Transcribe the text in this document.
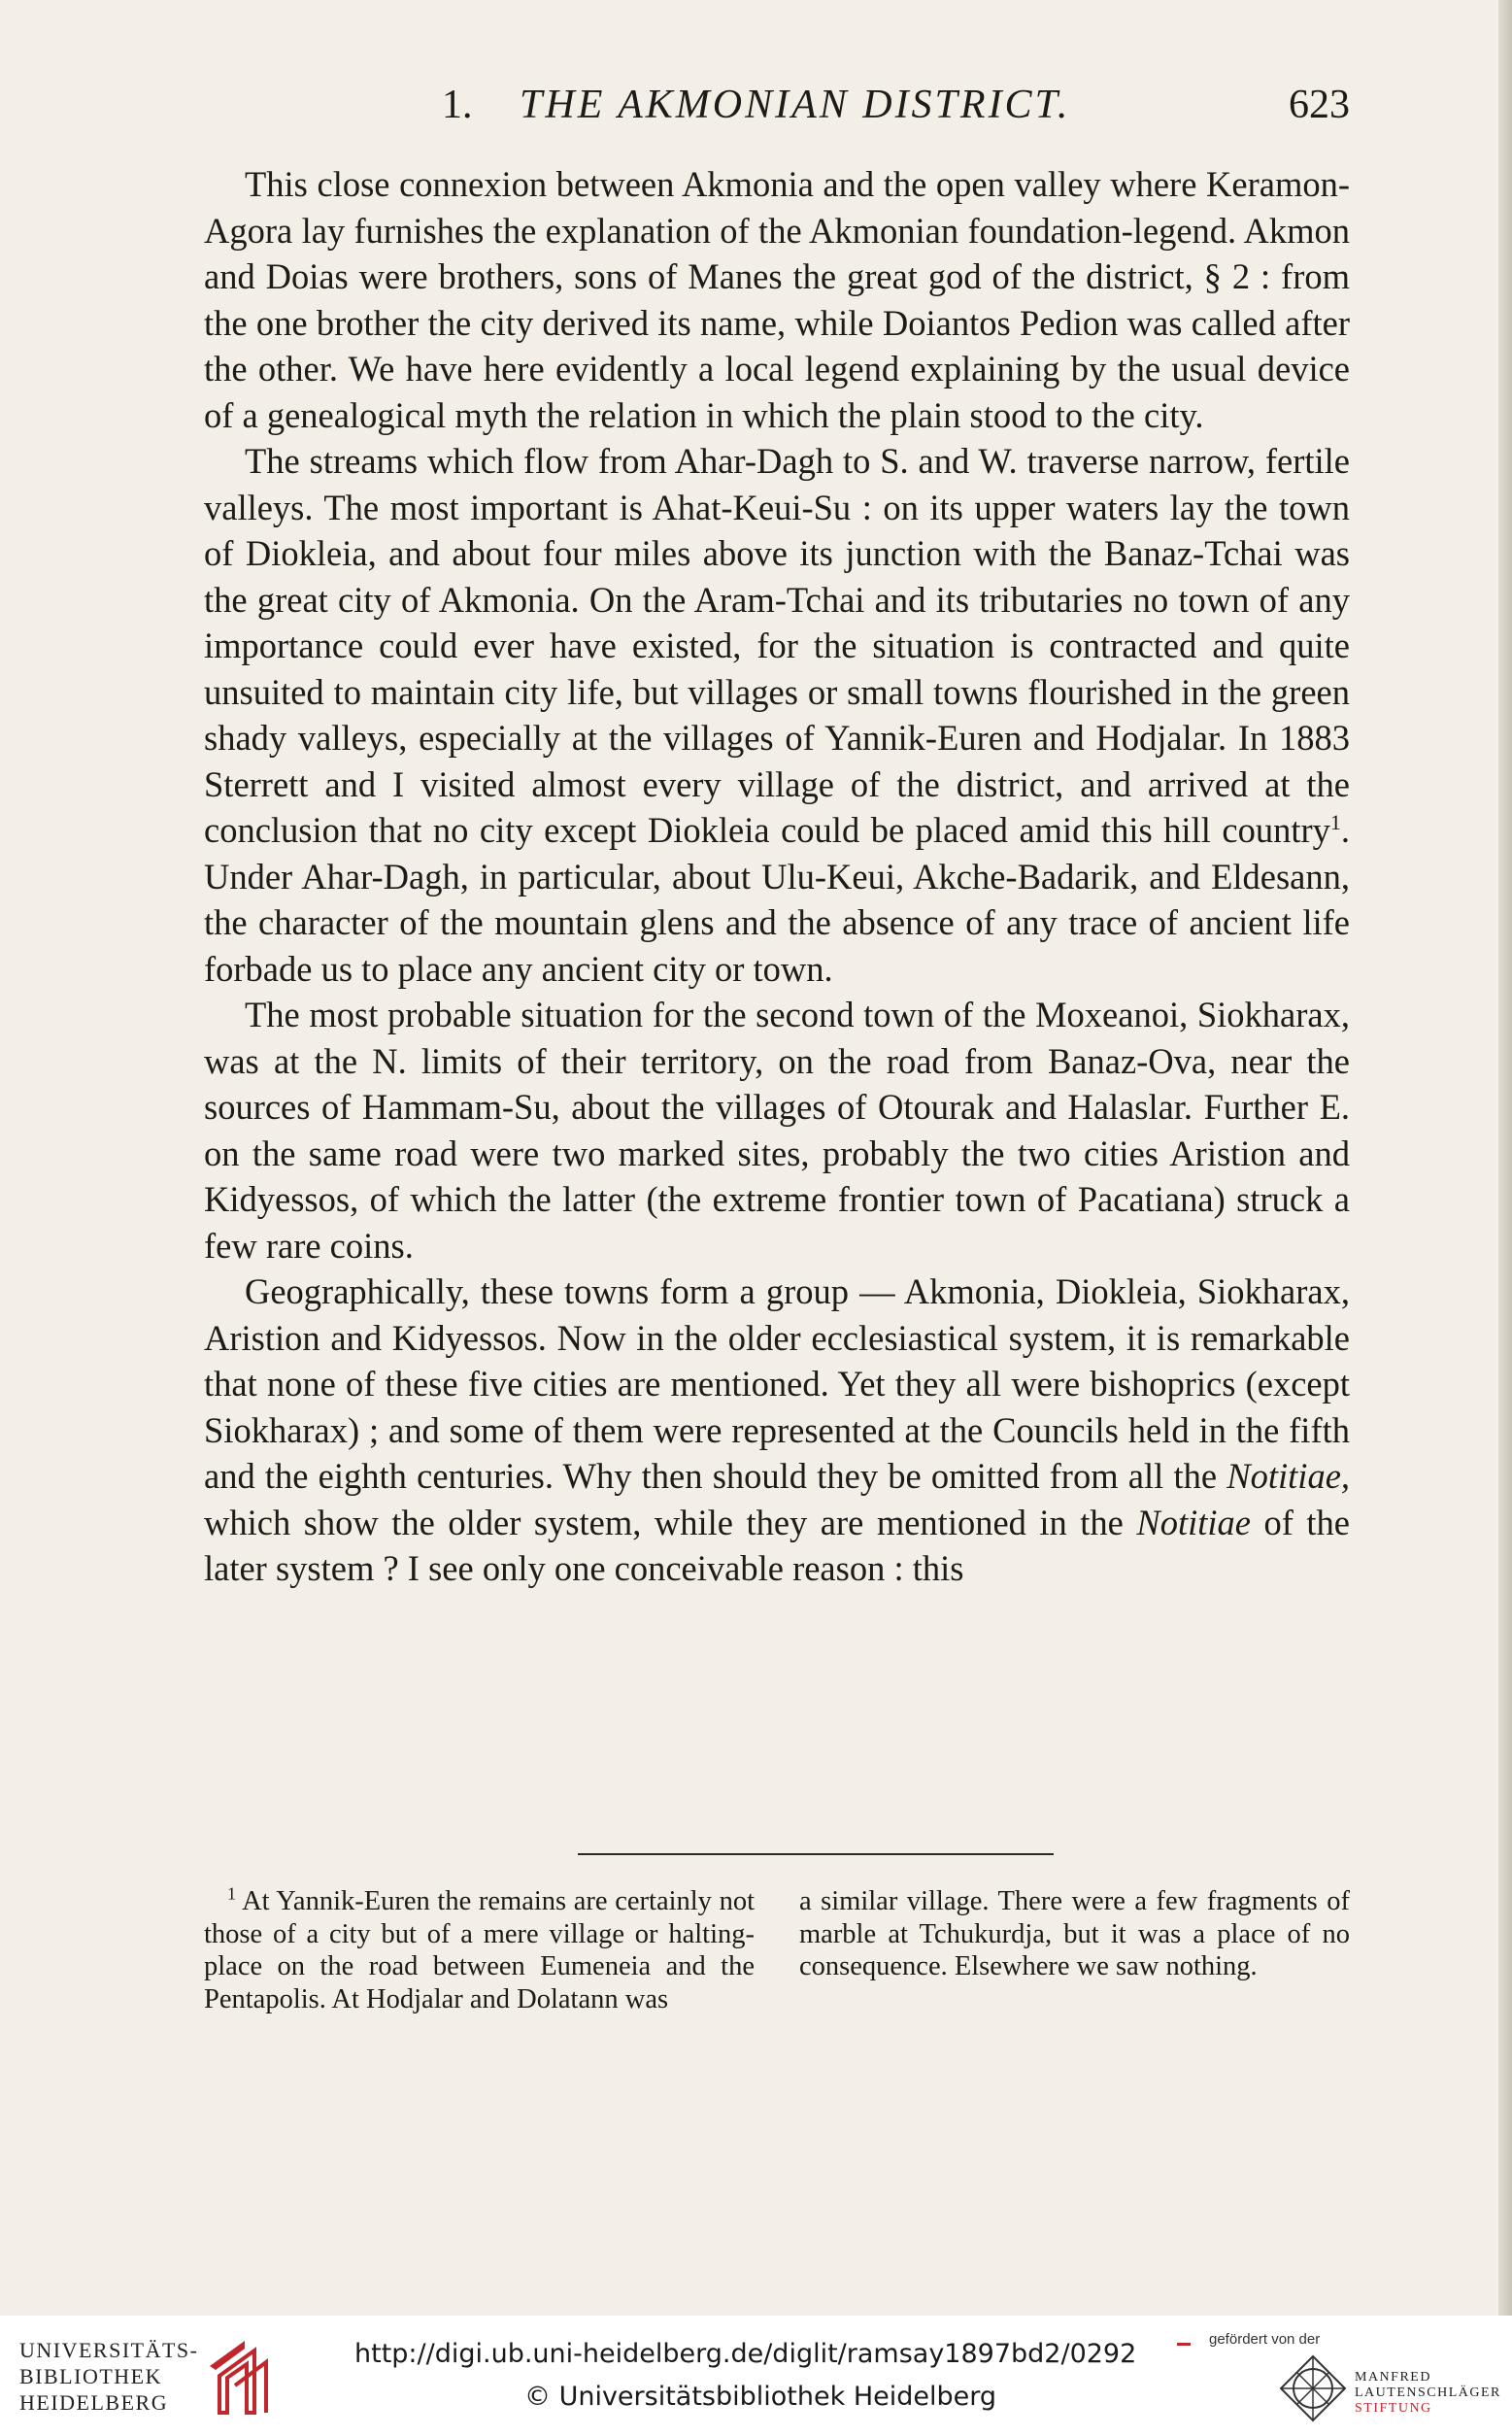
1. THE AKMONIAN DISTRICT.	623

This close connexion between Akmonia and the open valley where Keramon-Agora lay furnishes the explanation of the Akmonian foundation-legend. Akmon and Doias were brothers, sons of Manes the great god of the district, § 2 : from the one brother the city derived its name, while Doiantos Pedion was called after the other. We have here evidently a local legend explaining by the usual device of a genealogical myth the relation in which the plain stood to the city.

The streams which flow from Ahar-Dagh to S. and W. traverse narrow, fertile valleys. The most important is Ahat-Keui-Su : on its upper waters lay the town of Diokleia, and about four miles above its junction with the Banaz-Tchai was the great city of Akmonia. On the Aram-Tchai and its tributaries no town of any importance could ever have existed, for the situation is contracted and quite unsuited to maintain city life, but villages or small towns flourished in the green shady valleys, especially at the villages of Yannik-Euren and Hodjalar. In 1883 Sterrett and I visited almost every village of the district, and arrived at the conclusion that no city except Diokleia could be placed amid this hill country$^1$. Under Ahar-Dagh, in particular, about Ulu-Keui, Akche-Badarik, and Eldesann, the character of the mountain glens and the absence of any trace of ancient life forbade us to place any ancient city or town.

The most probable situation for the second town of the Moxeanoi, Siokharax, was at the N. limits of their territory, on the road from Banaz-Ova, near the sources of Hammam-Su, about the villages of Otourak and Halaslar. Further E. on the same road were two marked sites, probably the two cities Aristion and Kidyessos, of which the latter (the extreme frontier town of Pacatiana) struck a few rare coins.

Geographically, these towns form a group — Akmonia, Diokleia, Siokharax, Aristion and Kidyessos. Now in the older ecclesiastical system, it is remarkable that none of these five cities are mentioned. Yet they all were bishoprics (except Siokharax) ; and some of them were represented at the Councils held in the fifth and the eighth centuries. Why then should they be omitted from all the Notitiae, which show the older system, while they are mentioned in the Notitiae of the later system ? I see only one conceivable reason : this

$^1$ At Yannik-Euren the remains are certainly not those of a city but of a mere village or halting-place on the road between Eumeneia and the Pentapolis. At Hodjalar and Dolatann was

a similar village. There were a few fragments of marble at Tchukurdja, but it was a place of no consequence. Elsewhere we saw nothing.

UNIVERSITÄTS-
BIBLIOTHEK
HEIDELBERG
http://digi.ub.uni-heidelberg.de/diglit/ramsay1897bd2/0292
© Universitätsbibliothek Heidelberg
gefördert von der
MANFRED
LAUTENSCHLÄGER
STIFTUNG
